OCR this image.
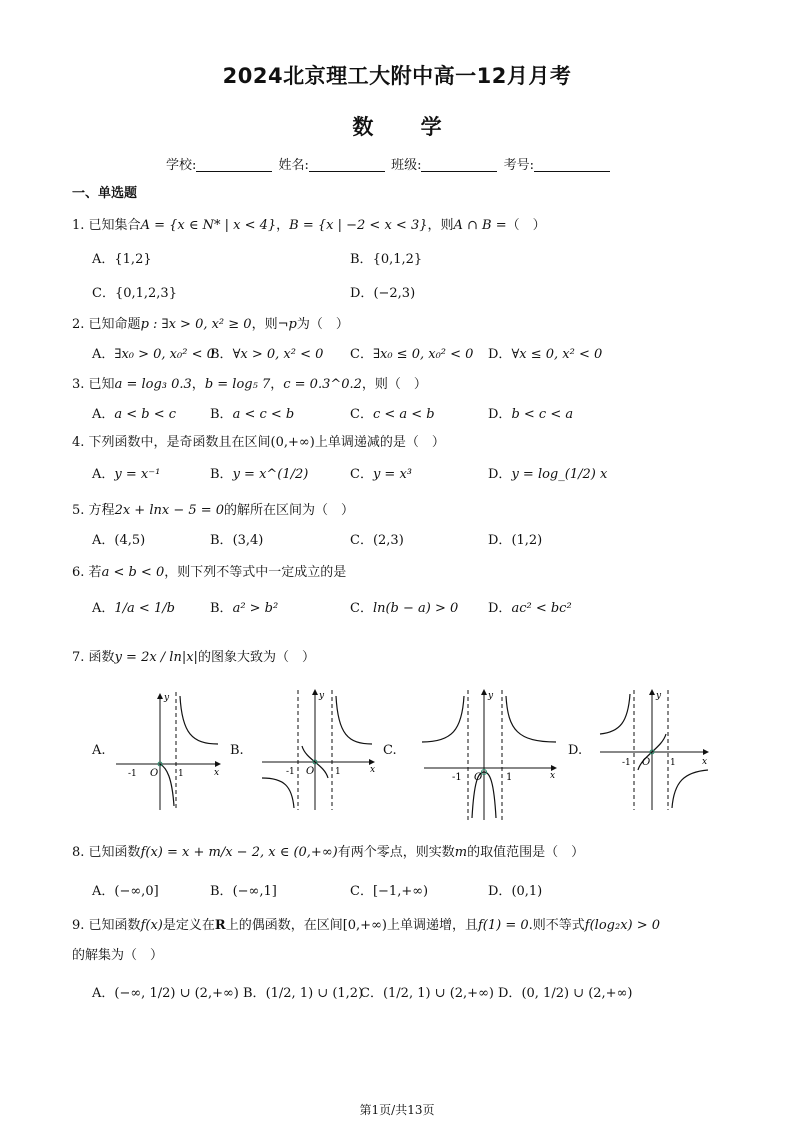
2024北京理工大附中高一12月月考
数 学
学校:	姓名:	班级:	考号:
一、单选题
1. 已知集合A = {x ∈ N* | x < 4}，B = {x | −2 < x < 3}，则A ∩ B =（　）
A．{1,2}	B．{0,1,2}
C．{0,1,2,3}	D．(−2,3)
2. 已知命题p : ∃x > 0, x² ≥ 0，则¬p为（　）
A．∃x₀ > 0, x₀² < 0
B．∀x > 0, x² < 0 C．∃x₀ ≤ 0, x₀² < 0 D．∀x ≤ 0, x² < 0
3. 已知a = log₃ 0.3，b = log₅ 7，c = 0.3^0.2，则（　）
A．a < b < c	B．a < c < b	C．c < a < b	D．b < c < a
4. 下列函数中，是奇函数且在区间(0,+∞)上单调递减的是（　）
A．y = x⁻¹	B．y = x^(1/2)	C．y = x³	D．y = log_(1/2) x
5. 方程2x + lnx − 5 = 0的解所在区间为（　）
A．(4,5)	B．(3,4)	C．(2,3)	D．(1,2)
6. 若a < b < 0，则下列不等式中一定成立的是
A．1/a < 1/b	B．a² > b²	C．ln(b − a) > 0 D．ac² < bc²
7. 函数y = 2x / ln|x|的图象大致为（　）
A.	B.	C.	D.
y
x
O
-1	1
y
x
O
-1	1
y
x
O
-1	1
y
x
O
-1	1
8. 已知函数f(x) = x + m/x − 2, x ∈ (0,+∞)有两个零点，则实数m的取值范围是（　）
A．(−∞,0]	B．(−∞,1]	C．[−1,+∞)	D．(0,1)
9. 已知函数f(x)是定义在R上的偶函数，在区间[0,+∞)上单调递增，且f(1) = 0.则不等式f(log₂x) > 0
的解集为（　）
A．(−∞, 1/2) ∪ (2,+∞) B．(1/2, 1) ∪ (1,2)
C．(1/2, 1) ∪ (2,+∞) D．(0, 1/2) ∪ (2,+∞)
第1页/共13页
